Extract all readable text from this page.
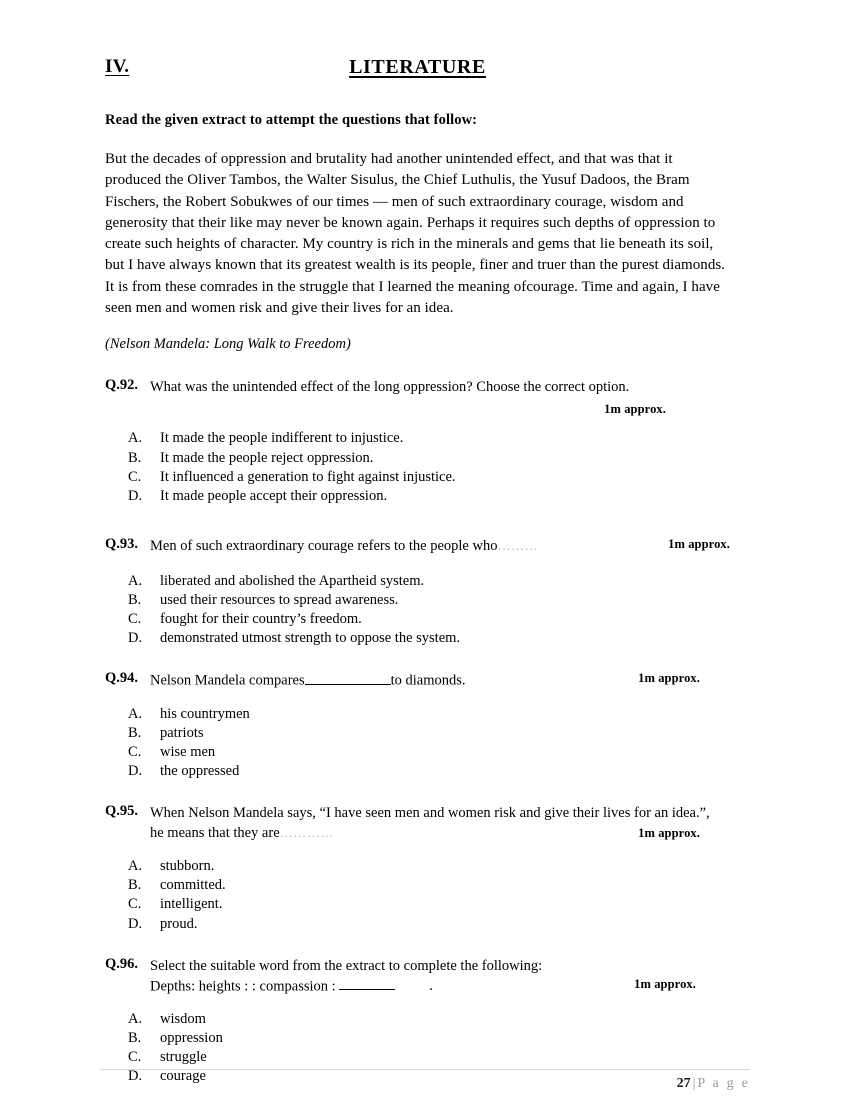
IV.	LITERATURE
Read the given extract to attempt the questions that follow:
But the decades of oppression and brutality had another unintended effect, and that was that it produced the Oliver Tambos, the Walter Sisulus, the Chief Luthulis, the Yusuf Dadoos, the Bram Fischers, the Robert Sobukwes of our times — men of such extraordinary courage, wisdom and generosity that their like may never be known again. Perhaps it requires such depths of oppression to create such heights of character. My country is rich in the minerals and gems that lie beneath its soil, but I have always known that its greatest wealth is its people, finer and truer than the purest diamonds. It is from these comrades in the struggle that I learned the meaning ofcourage. Time and again, I have seen men and women risk and give their lives for an idea.
(Nelson Mandela: Long Walk to Freedom)
Q.92. What was the unintended effect of the long oppression? Choose the correct option.
1m approx.
A.	It made the people indifferent to injustice.
B.	It made the people reject oppression.
C.	It influenced a generation to fight against injustice.
D.	It made people accept their oppression.
Q.93. Men of such extraordinary courage refers to the people who………	1m approx.
A.	liberated and abolished the Apartheid system.
B.	used their resources to spread awareness.
C.	fought for their country’s freedom.
D.	demonstrated utmost strength to oppose the system.
Q.94. Nelson Mandela compares	to diamonds.	1m approx.
A.	his countrymen
B.	patriots
C.	wise men
D.	the oppressed
Q.95. When Nelson Mandela says, “I have seen men and women risk and give their lives for an idea.”, he means that they are…………	1m approx.
A.	stubborn.
B.	committed.
C.	intelligent.
D.	proud.
Q.96. Select the suitable word from the extract to complete the following:
Depths: heights : : compassion :	.	1m approx.
A.	wisdom
B.	oppression
C.	struggle
D.	courage	27 | P a g e
